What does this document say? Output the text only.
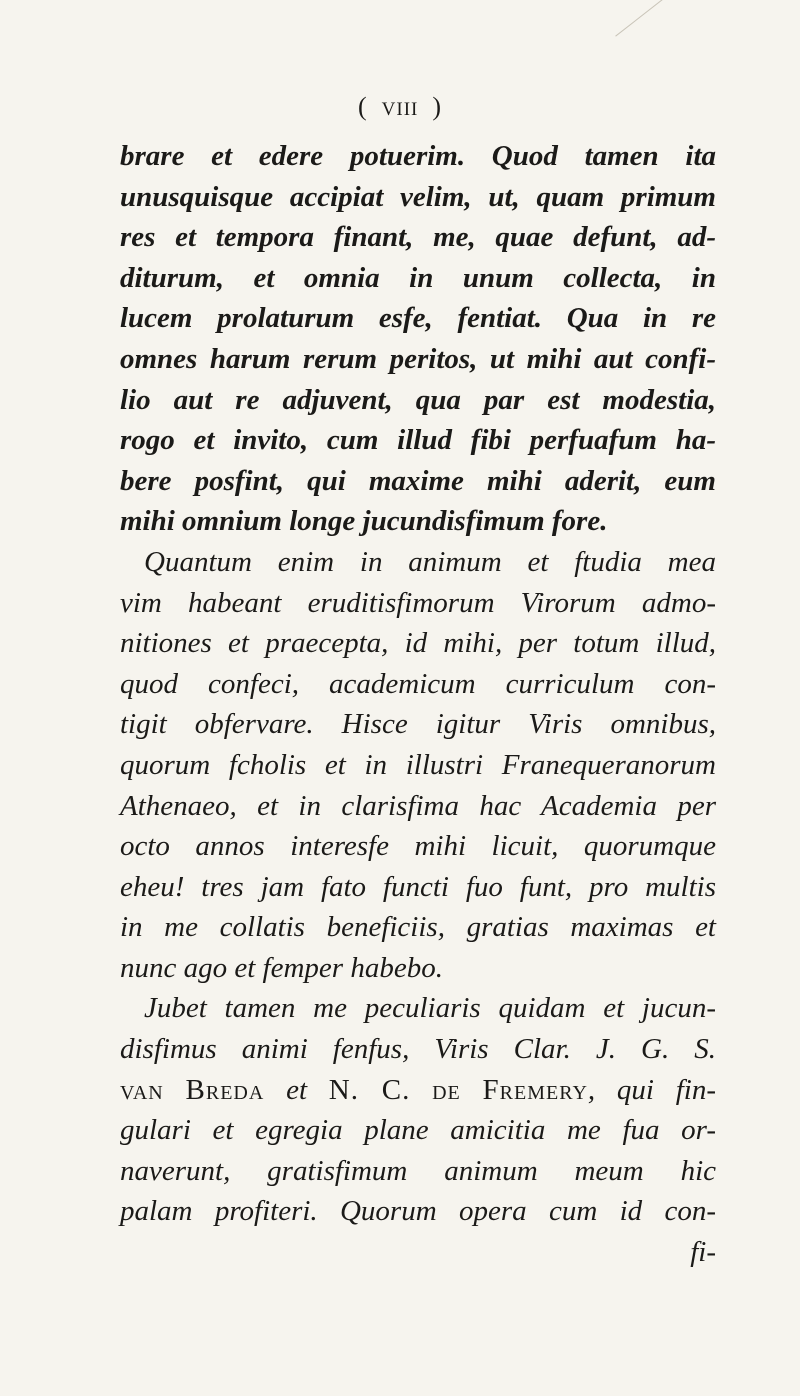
( VIII )
brare et edere potuerim. Quod tamen ita
unusquisque accipiat velim, ut, quam primum
res et tempora finant, me, quae defunt, ad-
diturum, et omnia in unum collecta, in
lucem prolaturum esfe, fentiat. Qua in re
omnes harum rerum peritos, ut mihi aut confi-
lio aut re adjuvent, qua par est modestia,
rogo et invito, cum illud fibi perfuafum ha-
bere posfint, qui maxime mihi aderit, eum
mihi omnium longe jucundisfimum fore.
Quantum enim in animum et ftudia mea
vim habeant eruditisfimorum Virorum admo-
nitiones et praecepta, id mihi, per totum illud,
quod confeci, academicum curriculum con-
tigit obfervare. Hisce igitur Viris omnibus,
quorum fcholis et in illustri Franequeranorum
Athenaeo, et in clarisfima hac Academia per
octo annos interesfe mihi licuit, quorumque
eheu! tres jam fato functi fuo funt, pro multis
in me collatis beneficiis, gratias maximas et
nunc ago et femper habebo.
Jubet tamen me peculiaris quidam et jucun-
disfimus animi fenfus, Viris Clar. J. G. S.
van Breda et N. C. de Fremery, qui fin-
gulari et egregia plane amicitia me fua or-
naverunt, gratisfimum animum meum hic
palam profiteri. Quorum opera cum id con-
fi-
